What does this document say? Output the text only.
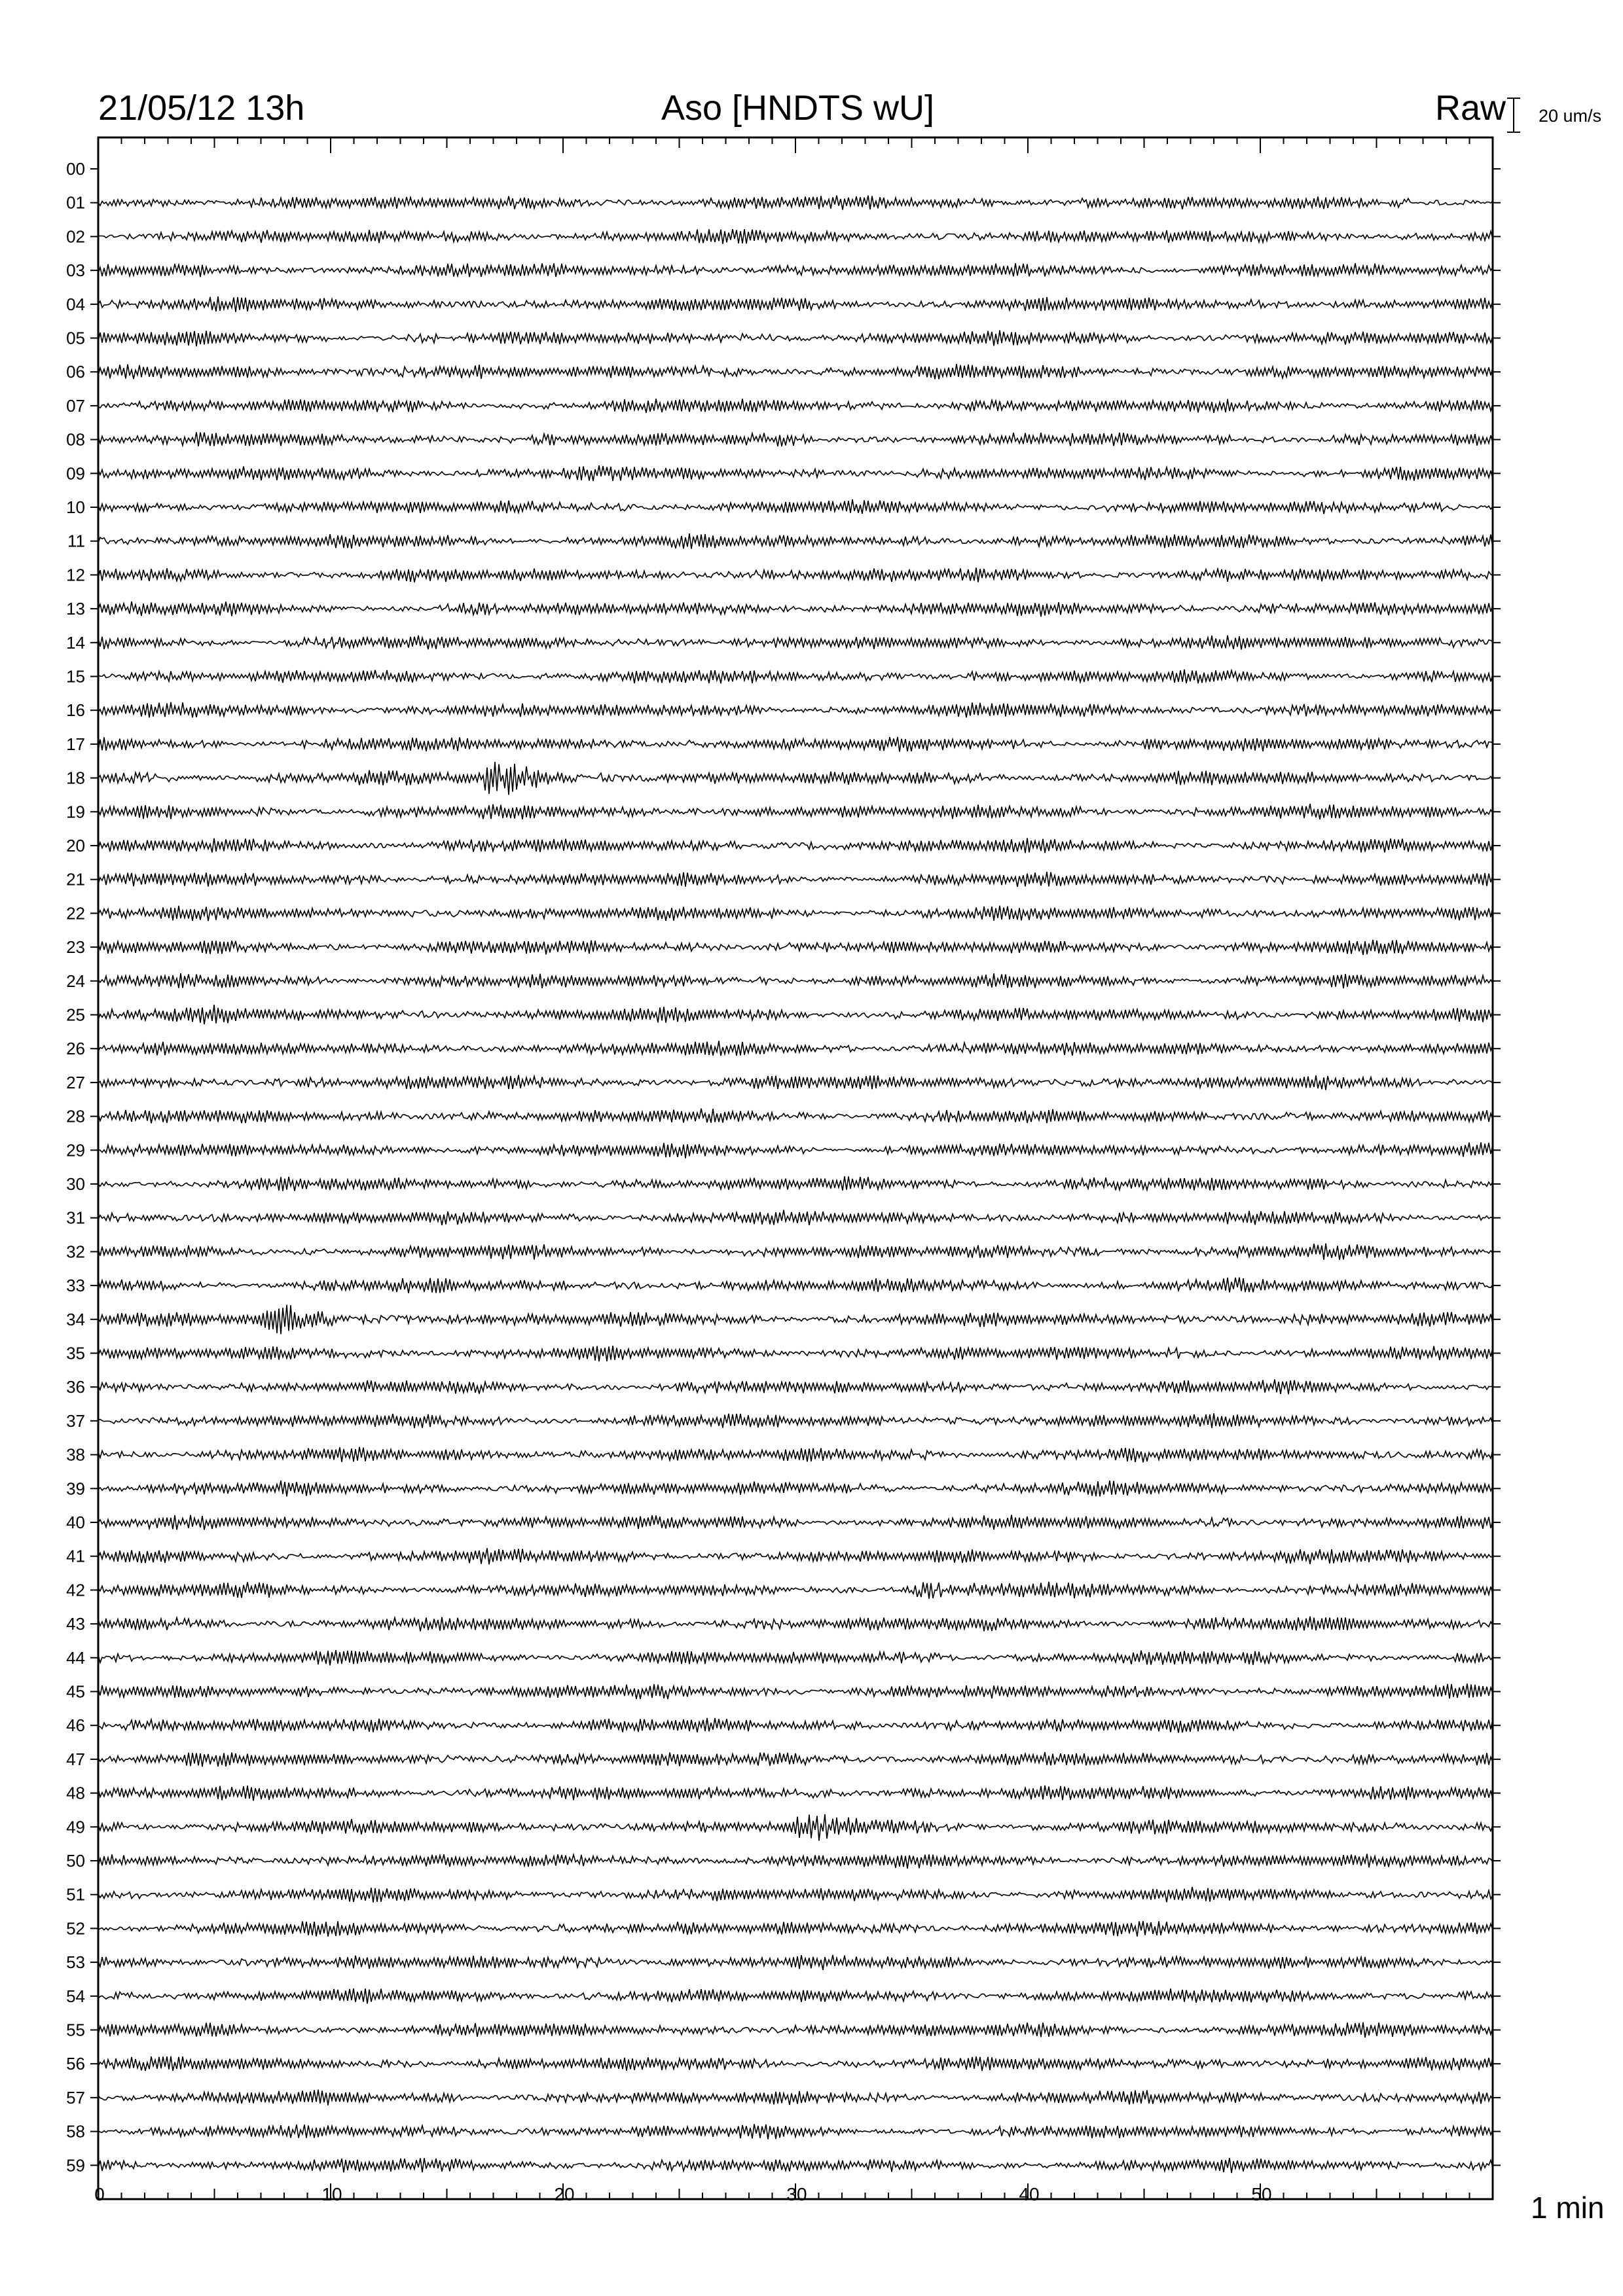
21/05/12 13h	Aso [HNDTS wU]	Raw 20 um/s
1 min
00
01
02
03
04
05
06
07
08
09
10
11
12
13
14
15
16
17
18
19
20
21
22
23
24
25
26
27
28
29
30
31
32
33
34
35
36
37
38
39
40
41
42
43
44
45
46
47
48
49
50
51
52
53
54
55
56
57
58
59
0	10	20	30	40	50
